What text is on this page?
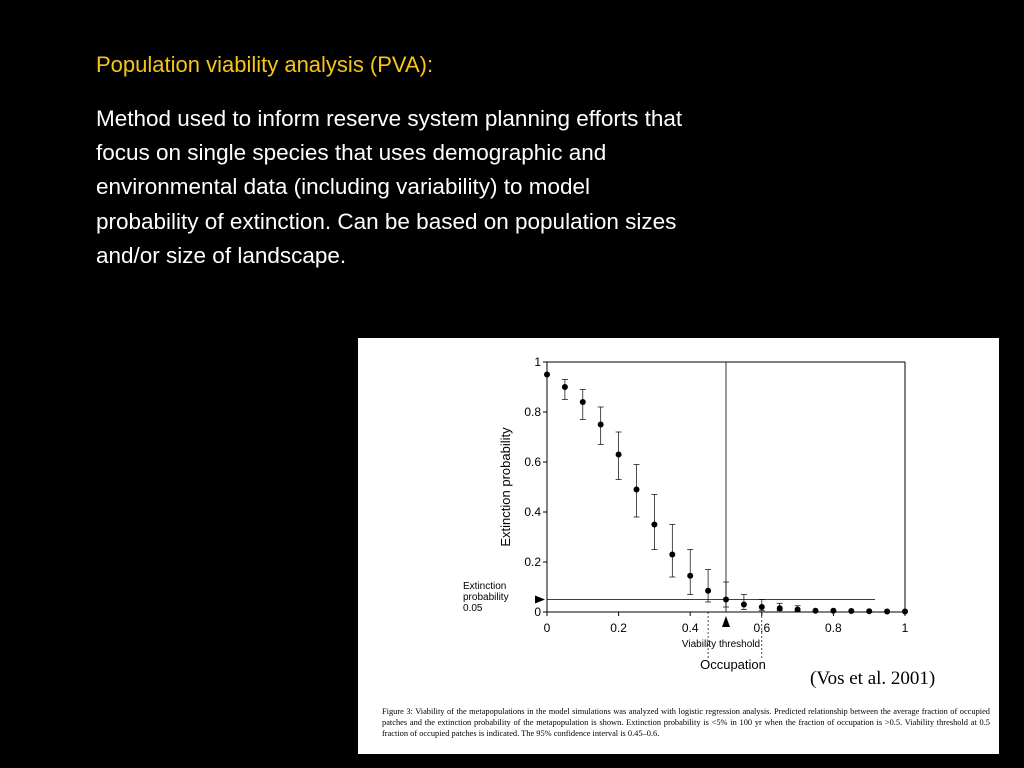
Population viability analysis (PVA):
Method used to inform reserve system planning efforts that focus on single species that uses demographic and environmental data (including variability) to model probability of extinction. Can be based on population sizes and/or size of landscape.
Extinction
probability
0.05	0
0.2
0.4
0.6
0.8
1
0	0.2	0.4	0.6	0.8	1
Extinction probability
Occupation
Viability threshold
(Vos et al. 2001)
Figure 3: Viability of the metapopulations in the model simulations was analyzed with logistic regression analysis. Predicted relationship between the average fraction of occupied patches and the extinction probability of the metapopulation is shown. Extinction probability is <5% in 100 yr when the fraction of occupation is >0.5. Viability threshold at 0.5 fraction of occupied patches is indicated. The 95% confidence interval is 0.45–0.6.
